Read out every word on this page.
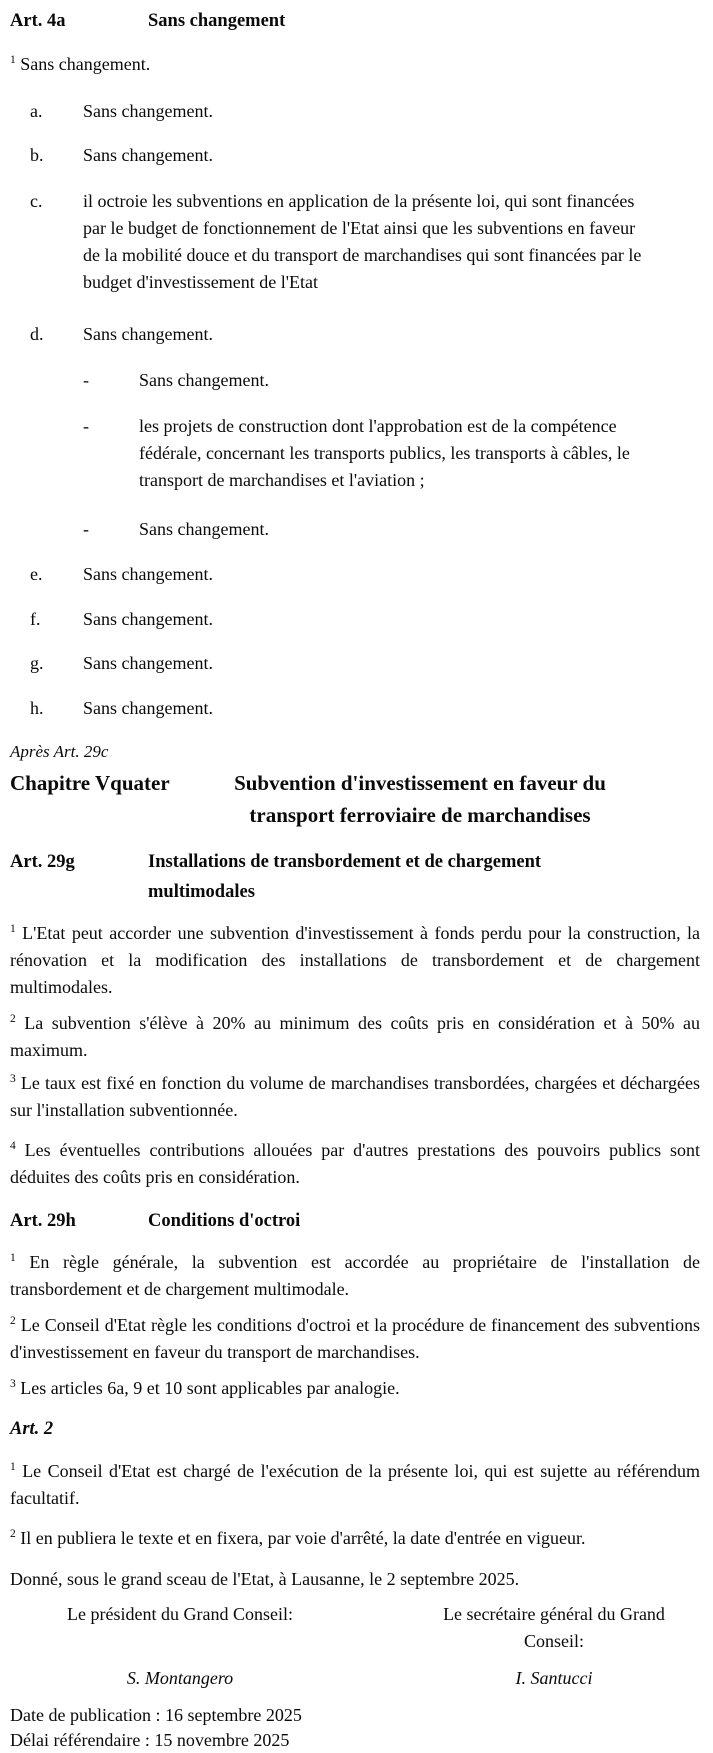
Art. 4a	Sans changement

$^1$ Sans changement.

a.	Sans changement.
b.	Sans changement.
c.	il octroie les subventions en application de la présente loi, qui sont financées par le budget de fonctionnement de l'Etat ainsi que les subventions en faveur de la mobilité douce et du transport de marchandises qui sont financées par le budget d'investissement de l'Etat
d.	Sans changement.
-	Sans changement.
-	les projets de construction dont l'approbation est de la compétence fédérale, concernant les transports publics, les transports à câbles, le transport de marchandises et l'aviation ;
-	Sans changement.
e.	Sans changement.
f.	Sans changement.
g.	Sans changement.
h.	Sans changement.

Après Art. 29c

Chapitre Vquater	Subvention d'investissement en faveur du transport ferroviaire de marchandises
Art. 29g	Installations de transbordement et de chargement multimodales

$^1$ L'Etat peut accorder une subvention d'investissement à fonds perdu pour la construction, la rénovation et la modification des installations de transbordement et de chargement multimodales.

$^2$ La subvention s'élève à 20% au minimum des coûts pris en considération et à 50% au maximum.

$^3$ Le taux est fixé en fonction du volume de marchandises transbordées, chargées et déchargées sur l'installation subventionnée.

$^4$ Les éventuelles contributions allouées par d'autres prestations des pouvoirs publics sont déduites des coûts pris en considération.

Art. 29h	Conditions d'octroi

$^1$ En règle générale, la subvention est accordée au propriétaire de l'installation de transbordement et de chargement multimodale.

$^2$ Le Conseil d'Etat règle les conditions d'octroi et la procédure de financement des subventions d'investissement en faveur du transport de marchandises.

$^3$ Les articles 6a, 9 et 10 sont applicables par analogie.

Art. 2

$^1$ Le Conseil d'Etat est chargé de l'exécution de la présente loi, qui est sujette au référendum facultatif.

$^2$ Il en publiera le texte et en fixera, par voie d'arrêté, la date d'entrée en vigueur.

Donné, sous le grand sceau de l'Etat, à Lausanne, le 2 septembre 2025.

Le président du Grand Conseil:	Le secrétaire général du Grand Conseil:
S. Montangero	I. Santucci

Date de publication : 16 septembre 2025

Délai référendaire : 15 novembre 2025
